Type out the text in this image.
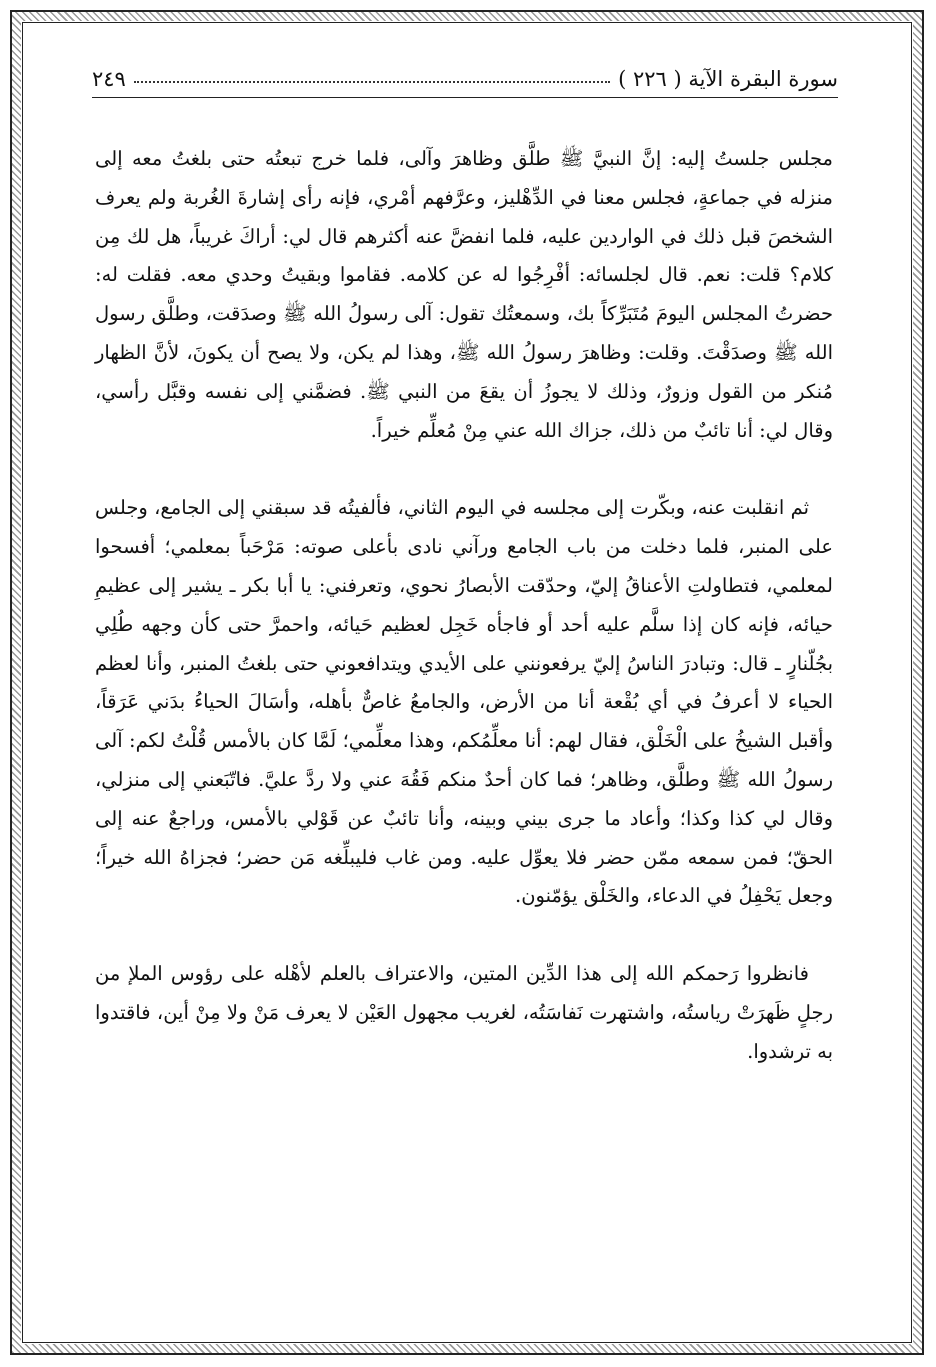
سورة البقرة الآية ( ٢٢٦ )
٢٤٩

مجلس جلستُ إليه: إنَّ النبيَّ ﷺ طلَّق وظاهرَ وآلى، فلما خرج تبعتُه حتى بلغتُ معه إلى منزله في جماعةٍ، فجلس معنا في الدِّهْليز، وعرَّفهم أمْري، فإنه رأى إشارةَ الغُربة ولم يعرف الشخصَ قبل ذلك في الواردين عليه، فلما انفضَّ عنه أكثرهم قال لي: أراكَ غريباً، هل لك مِن كلام؟ قلت: نعم. قال لجلسائه: أفْرِجُوا له عن كلامه. فقاموا وبقيتُ وحدي معه. فقلت له: حضرتُ المجلس اليومَ مُتَبَرِّكاً بك، وسمعتُك تقول: آلى رسولُ الله ﷺ وصدَقت، وطلَّق رسول الله ﷺ وصدَقْتَ. وقلت: وظاهرَ رسولُ الله ﷺ، وهذا لم يكن، ولا يصح أن يكونَ، لأنَّ الظهار مُنكر من القول وزورٌ، وذلك لا يجوزُ أن يقعَ من النبي ﷺ. فضمَّني إلى نفسه وقبَّل رأسي، وقال لي: أنا تائبٌ من ذلك، جزاك الله عني مِنْ مُعلِّم خيراً.

ثم انقلبت عنه، وبكّرت إلى مجلسه في اليوم الثاني، فألفيتُه قد سبقني إلى الجامع، وجلس على المنبر، فلما دخلت من باب الجامع ورآني نادى بأعلى صوته: مَرْحَباً بمعلمي؛ أفسحوا لمعلمي، فتطاولتِ الأعناقُ إليّ، وحدّقت الأبصارُ نحوي، وتعرفني: يا أبا بكر ـ يشير إلى عظيمِ حيائه، فإنه كان إذا سلَّم عليه أحد أو فاجأه خَجِل لعظيم حَيائه، واحمرَّ حتى كأن وجهه طُلِي بجُلّنارٍ ـ قال: وتبادرَ الناسُ إليّ يرفعونني على الأيدي ويتدافعوني حتى بلغتُ المنبر، وأنا لعظم الحياء لا أعرفُ في أي بُقْعة أنا من الأرض، والجامعُ غاصٌّ بأهله، وأسَالَ الحياءُ بدَني عَرَقاً، وأقبل الشيخُ على الْخَلْق، فقال لهم: أنا معلِّمُكم، وهذا معلِّمي؛ لَمَّا كان بالأمس قُلْتُ لكم: آلى رسولُ الله ﷺ وطلَّق، وظاهر؛ فما كان أحدٌ منكم فَقُهَ عني ولا ردَّ عليَّ. فاتّبَعني إلى منزلي، وقال لي كذا وكذا؛ وأعاد ما جرى بيني وبينه، وأنا تائبٌ عن قَوْلي بالأمس، وراجعٌ عنه إلى الحقّ؛ فمن سمعه ممّن حضر فلا يعوِّل عليه. ومن غاب فليبلِّغه مَن حضر؛ فجزاهُ الله خيراً؛ وجعل يَحْفِلُ في الدعاء، والخَلْق يؤمّنون.

فانظروا رَحمكم الله إلى هذا الدِّين المتين، والاعتراف بالعلم لأهْله على رؤوس الملإ من رجلٍ ظَهرَتْ رياستُه، واشتهرت نَفاسَتُه، لغريب مجهول العَيْن لا يعرف مَنْ ولا مِنْ أين، فاقتدوا به ترشدوا.
